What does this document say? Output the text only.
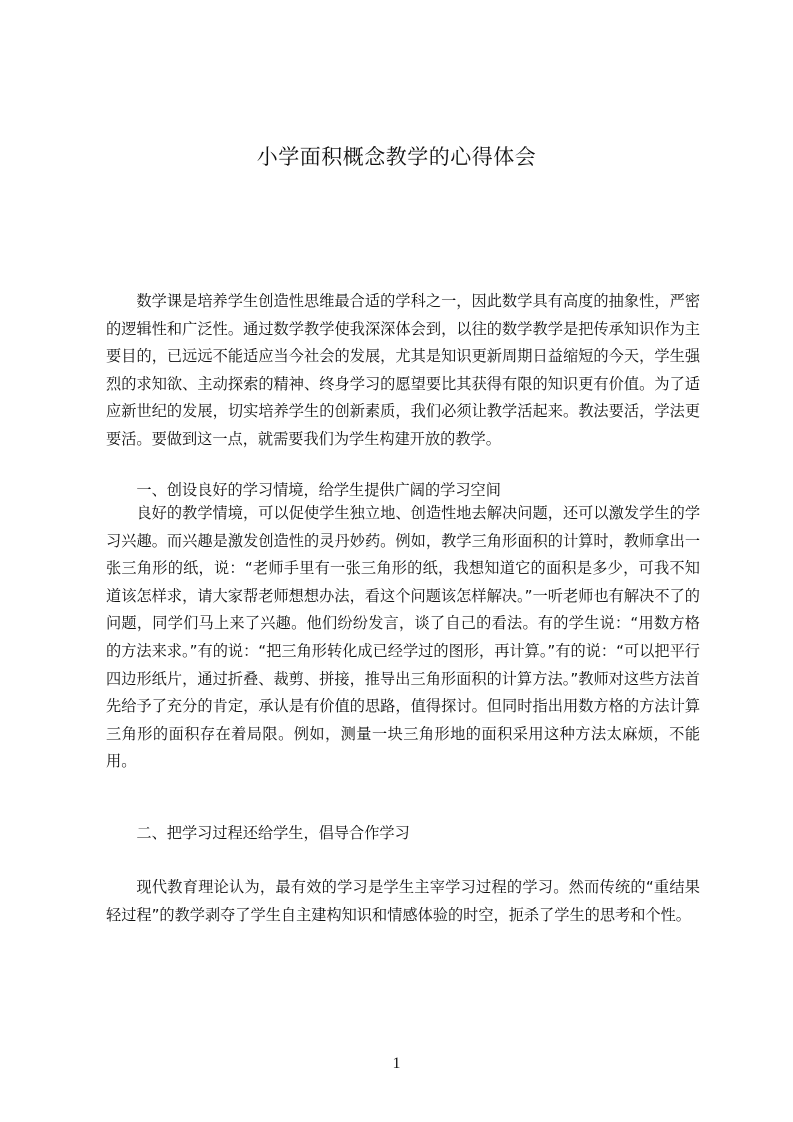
小学面积概念教学的心得体会

数学课是培养学生创造性思维最合适的学科之一，因此数学具有高度的抽象性，严密的逻辑性和广泛性。通过数学教学使我深深体会到，以往的数学教学是把传承知识作为主要目的，已远远不能适应当今社会的发展，尤其是知识更新周期日益缩短的今天，学生强烈的求知欲、主动探索的精神、终身学习的愿望要比其获得有限的知识更有价值。为了适应新世纪的发展，切实培养学生的创新素质，我们必须让教学活起来。教法要活，学法更要活。要做到这一点，就需要我们为学生构建开放的教学。

一、创设良好的学习情境，给学生提供广阔的学习空间

良好的教学情境，可以促使学生独立地、创造性地去解决问题，还可以激发学生的学习兴趣。而兴趣是激发创造性的灵丹妙药。例如，教学三角形面积的计算时，教师拿出一张三角形的纸，说：“老师手里有一张三角形的纸，我想知道它的面积是多少，可我不知道该怎样求，请大家帮老师想想办法，看这个问题该怎样解决。”一听老师也有解决不了的问题，同学们马上来了兴趣。他们纷纷发言，谈了自己的看法。有的学生说：“用数方格的方法来求。”有的说：“把三角形转化成已经学过的图形，再计算。”有的说：“可以把平行四边形纸片，通过折叠、裁剪、拼接，推导出三角形面积的计算方法。”教师对这些方法首先给予了充分的肯定，承认是有价值的思路，值得探讨。但同时指出用数方格的方法计算三角形的面积存在着局限。例如，测量一块三角形地的面积采用这种方法太麻烦，不能用。

二、把学习过程还给学生，倡导合作学习

现代教育理论认为，最有效的学习是学生主宰学习过程的学习。然而传统的“重结果轻过程”的教学剥夺了学生自主建构知识和情感体验的时空，扼杀了学生的思考和个性。

1
